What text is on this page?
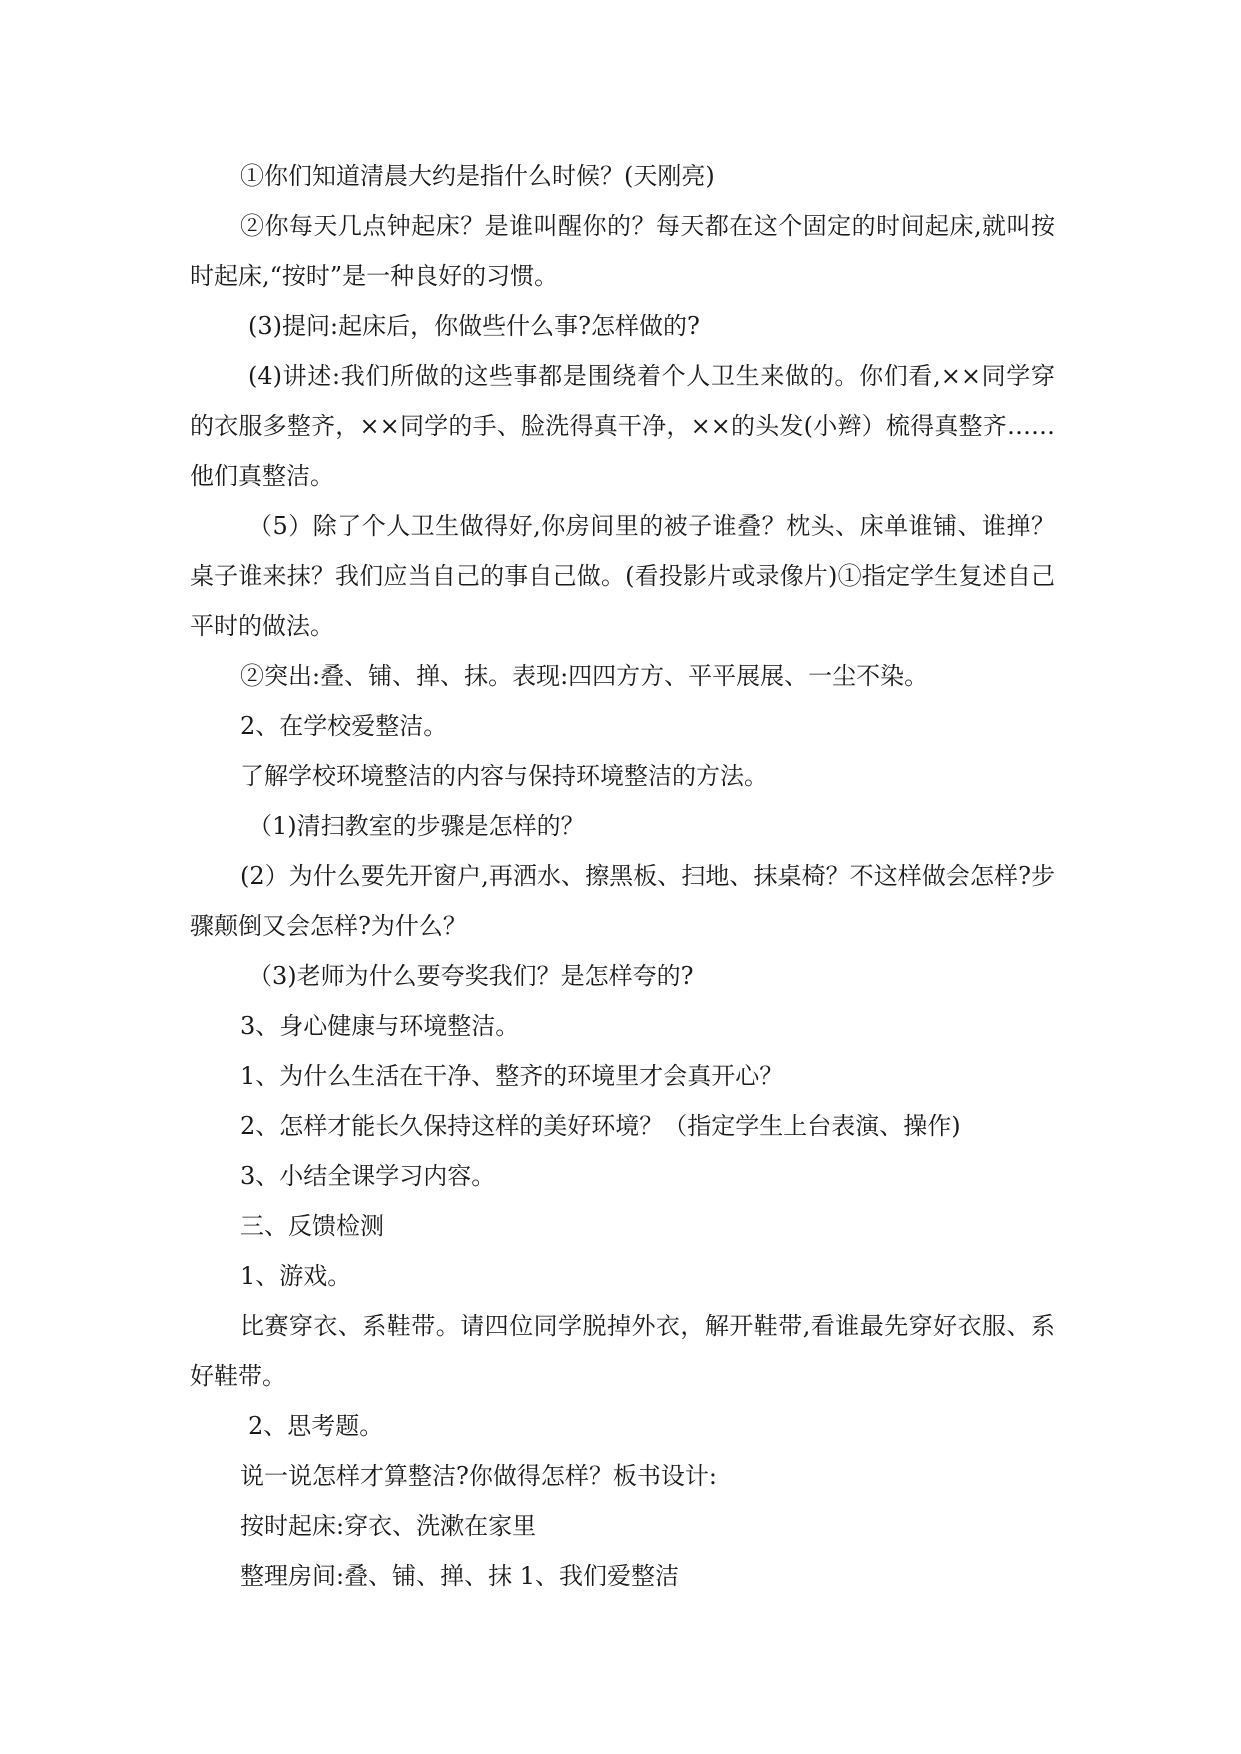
①你们知道清晨大约是指什么时候？(天刚亮)

②你每天几点钟起床？是谁叫醒你的？每天都在这个固定的时间起床,就叫按时起床,“按时”是一种良好的习惯。

(3)提问:起床后，你做些什么事?怎样做的?

(4)讲述:我们所做的这些事都是围绕着个人卫生来做的。你们看,××同学穿的衣服多整齐，××同学的手、脸洗得真干净，××的头发(小辫）梳得真整齐……他们真整洁。

（5）除了个人卫生做得好,你房间里的被子谁叠？枕头、床单谁铺、谁掸？桌子谁来抹？我们应当自己的事自己做。(看投影片或录像片)①指定学生复述自己平时的做法。

②突出:叠、铺、掸、抹。表现:四四方方、平平展展、一尘不染。

2、在学校爱整洁。

了解学校环境整洁的内容与保持环境整洁的方法。

（1)清扫教室的步骤是怎样的？

(2）为什么要先开窗户,再洒水、擦黑板、扫地、抹桌椅？不这样做会怎样?步骤颠倒又会怎样?为什么？

（3)老师为什么要夸奖我们？是怎样夸的?

3、身心健康与环境整洁。

1、为什么生活在干净、整齐的环境里才会真开心？

2、怎样才能长久保持这样的美好环境？（指定学生上台表演、操作)

3、小结全课学习内容。

三、反馈检测

1、游戏。

比赛穿衣、系鞋带。请四位同学脱掉外衣，解开鞋带,看谁最先穿好衣服、系好鞋带。

2、思考题。

说一说怎样才算整洁?你做得怎样？板书设计:

按时起床:穿衣、洗漱在家里

整理房间:叠、铺、掸、抹 1、我们爱整洁
